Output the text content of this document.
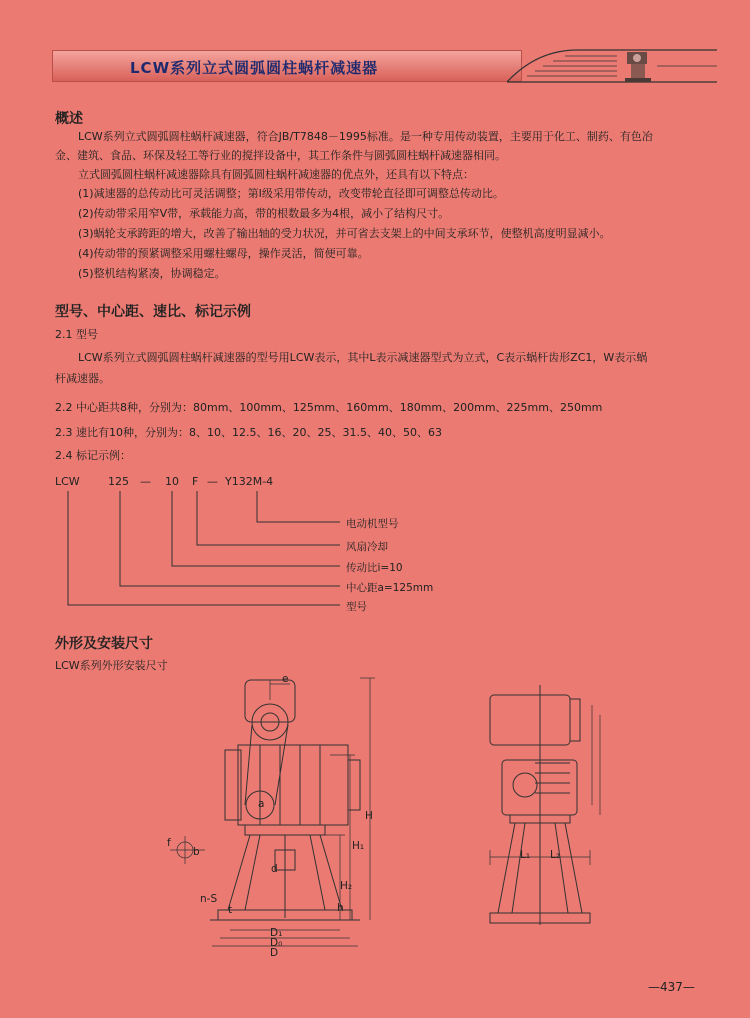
LCW系列立式圆弧圆柱蜗杆减速器
概述
LCW系列立式圆弧圆柱蜗杆减速器，符合JB/T7848－1995标准。是一种专用传动装置，主要用于化工、制药、有色冶
金、建筑、食品、环保及轻工等行业的搅拌设备中，其工作条件与圆弧圆柱蜗杆减速器相同。
立式圆弧圆柱蜗杆减速器除具有圆弧圆柱蜗杆减速器的优点外，还具有以下特点：
(1)减速器的总传动比可灵活调整；第Ⅰ级采用带传动，改变带轮直径即可调整总传动比。
(2)传动带采用窄V带，承载能力高，带的根数最多为4根，减小了结构尺寸。
(3)蜗轮支承跨距的增大，改善了输出轴的受力状况，并可省去支架上的中间支承环节，使整机高度明显减小。
(4)传动带的预紧调整采用螺柱螺母，操作灵活，简便可靠。
(5)整机结构紧凑，协调稳定。
型号、中心距、速比、标记示例
2.1 型号
LCW系列立式圆弧圆柱蜗杆减速器的型号用LCW表示，其中L表示减速器型式为立式，C表示蜗杆齿形ZC1，W表示蜗
杆减速器。
2.2 中心距共8种，分别为：80mm、100mm、125mm、160mm、180mm、200mm、225mm、250mm
2.3 速比有10种，分别为：8、10、12.5、16、20、25、31.5、40、50、63
2.4 标记示例：
LCW	125 — 10 F — Y132M-4
电动机型号
风扇冷却
传动比i=10
中心距a=125mm
型号
外形及安装尺寸
LCW系列外形安装尺寸
e
f
b
a
d
t
H
H₁
H₂
h
n-S
D₁
D₀
D
L₁ L₂
—437—
